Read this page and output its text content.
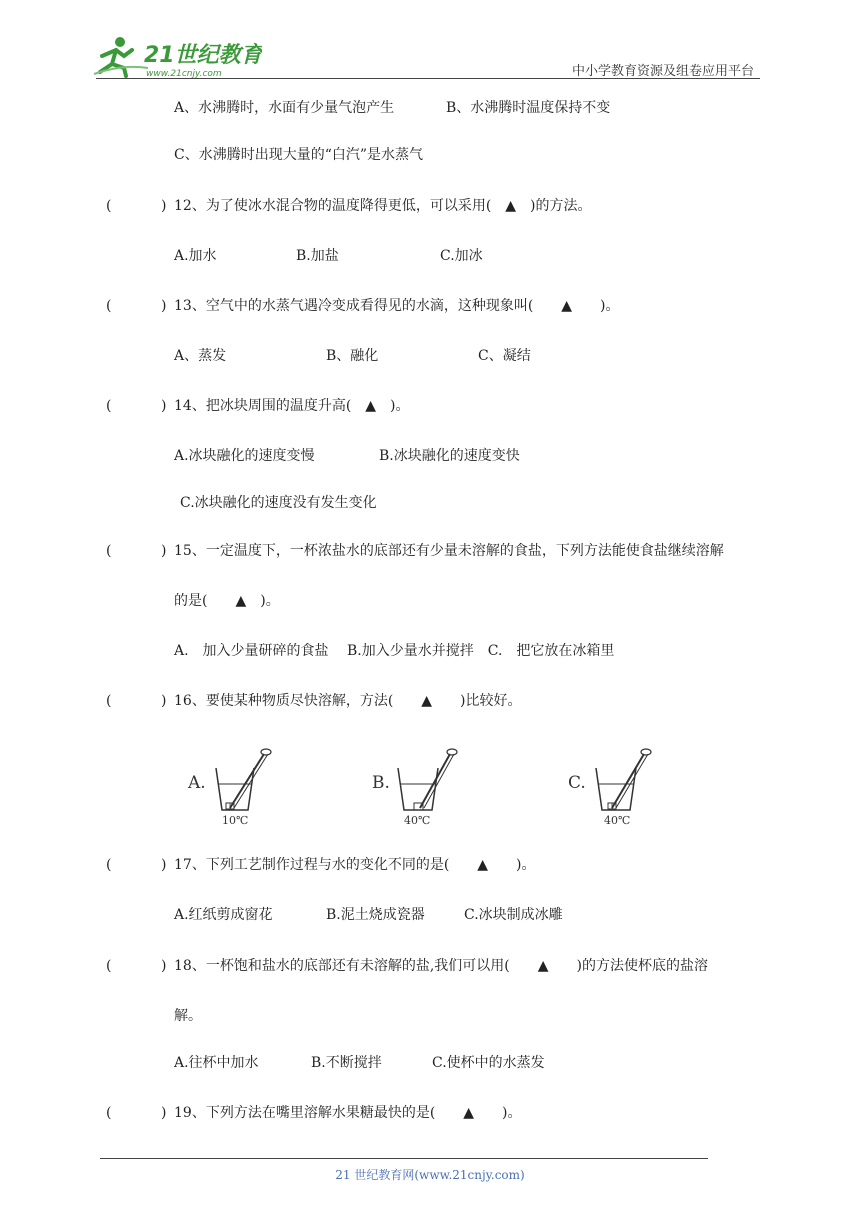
21世纪教育
www.21cnjy.com	中小学教育资源及组卷应用平台
A、水沸腾时，水面有少量气泡产生	B、水沸腾时温度保持不变
C、水沸腾时出现大量的“白汽”是水蒸气
(	) 12、为了使冰水混合物的温度降得更低，可以采用(　▲　)的方法。
A.加水	B.加盐	C.加冰
(	) 13、空气中的水蒸气遇冷变成看得见的水滴，这种现象叫(　　▲　　)。
A、蒸发	B、融化	C、凝结
(	) 14、把冰块周围的温度升高(　▲　)。
A.冰块融化的速度变慢	B.冰块融化的速度变快
C.冰块融化的速度没有发生变化
(	) 15、一定温度下，一杯浓盐水的底部还有少量未溶解的食盐，下列方法能使食盐继续溶解
的是(　　▲　)。
A.　加入少量研碎的食盐　 B.加入少量水并搅拌　C.　把它放在冰箱里
(	) 16、要使某种物质尽快溶解，方法(　　▲　　)比较好。
A.
10℃
B.
40℃
C.
40℃
(	) 17、下列工艺制作过程与水的变化不同的是(　　▲　　)。
A.红纸剪成窗花	B.泥土烧成瓷器	C.冰块制成冰雕
(	) 18、一杯饱和盐水的底部还有未溶解的盐,我们可以用(　　▲　　)的方法使杯底的盐溶
解。
A.往杯中加水	B.不断搅拌	C.使杯中的水蒸发
(	) 19、下列方法在嘴里溶解水果糖最快的是(　　▲　　)。
21 世纪教育网(www.21cnjy.com)
